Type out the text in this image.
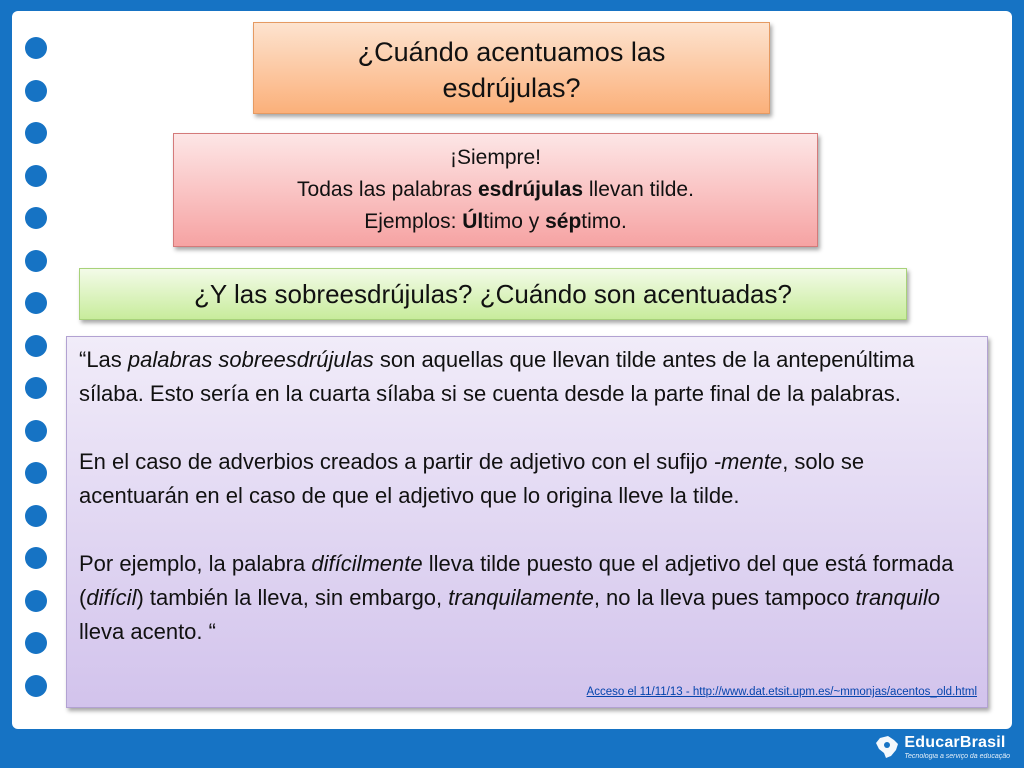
¿Cuándo acentuamos las
esdrújulas?
¡Siempre!
Todas las palabras esdrújulas llevan tilde.
Ejemplos: Último y séptimo.
¿Y las sobreesdrújulas? ¿Cuándo son acentuadas?

“Las palabras sobreesdrújulas son aquellas que llevan tilde antes de la antepenúltima sílaba. Esto sería en la cuarta sílaba si se cuenta desde la parte final de la palabras.

En el caso de adverbios creados a partir de adjetivo con el sufijo -mente, solo se acentuarán en el caso de que el adjetivo que lo origina lleve la tilde.

Por ejemplo, la palabra difícilmente lleva tilde puesto que el adjetivo del que está formada (difícil) también la lleva, sin embargo, tranquilamente, no la lleva pues tampoco tranquilo lleva acento. “

Acceso el 11/11/13 - http://www.dat.etsit.upm.es/~mmonjas/acentos_old.html
EducarBrasil
Tecnologia a serviço da educação
